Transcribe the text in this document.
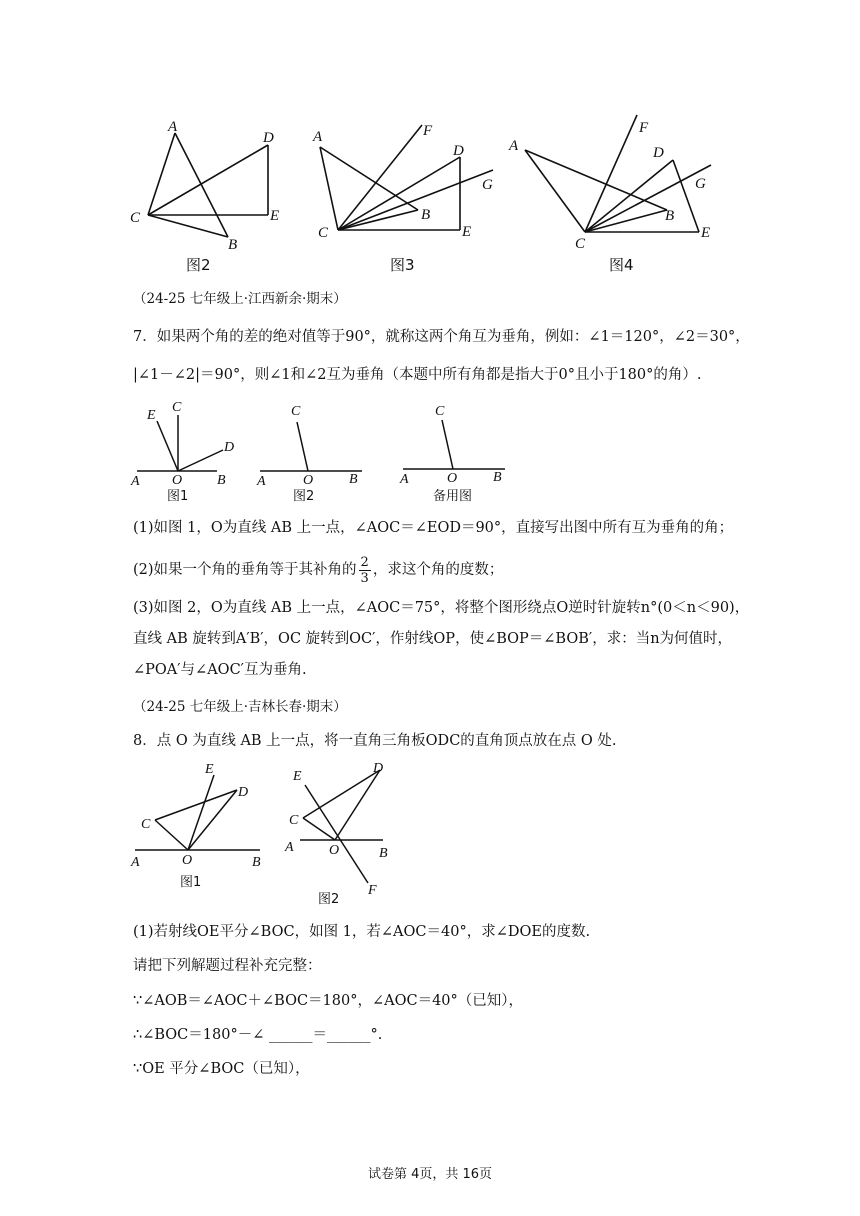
A
D
C	E
B
图2
A	F
D
G
B
C	E
图3
F
A	D
G
B
C
E
图4
（24-25 七年级上·江西新余·期末）
7．如果两个角的差的绝对值等于90°，就称这两个角互为垂角，例如：∠1＝120°，∠2＝30°，
|∠1－∠2|＝90°，则∠1和∠2互为垂角（本题中所有角都是指大于0°且小于180°的角）.
C
E
D
A O B
C
A	O	B
C
A	O	B
图1	图2	备用图
(1)如图 1，O为直线 AB 上一点，∠AOC＝∠EOD＝90°，直接写出图中所有互为垂角的角；
(2)如果一个角的垂角等于其补角的 $\frac{2}{3}$ ，求这个角的度数；
(3)如图 2，O为直线 AB 上一点，∠AOC＝75°，将整个图形绕点O逆时针旋转n°(0＜n＜90)，
直线 AB 旋转到A′B′，OC 旋转到OC′，作射线OP，使∠BOP＝∠BOB′，求：当n为何值时，
∠POA′与∠AOC′互为垂角.
（24-25 七年级上·吉林长春·期末）
8．点 O 为直线 AB 上一点，将一直角三角板ODC的直角顶点放在点 O 处.
E
D
C
A	O	B
E
D
C
A	O	B
F
图1
图2
(1)若射线OE平分∠BOC，如图 1，若∠AOC＝40°，求∠DOE的度数.
请把下列解题过程补充完整：
∵∠AOB＝∠AOC＋∠BOC＝180°，∠AOC＝40°（已知），
∴∠BOC＝180°－∠ ______＝______°.
∵OE 平分∠BOC（已知），
试卷第 4页，共 16页
